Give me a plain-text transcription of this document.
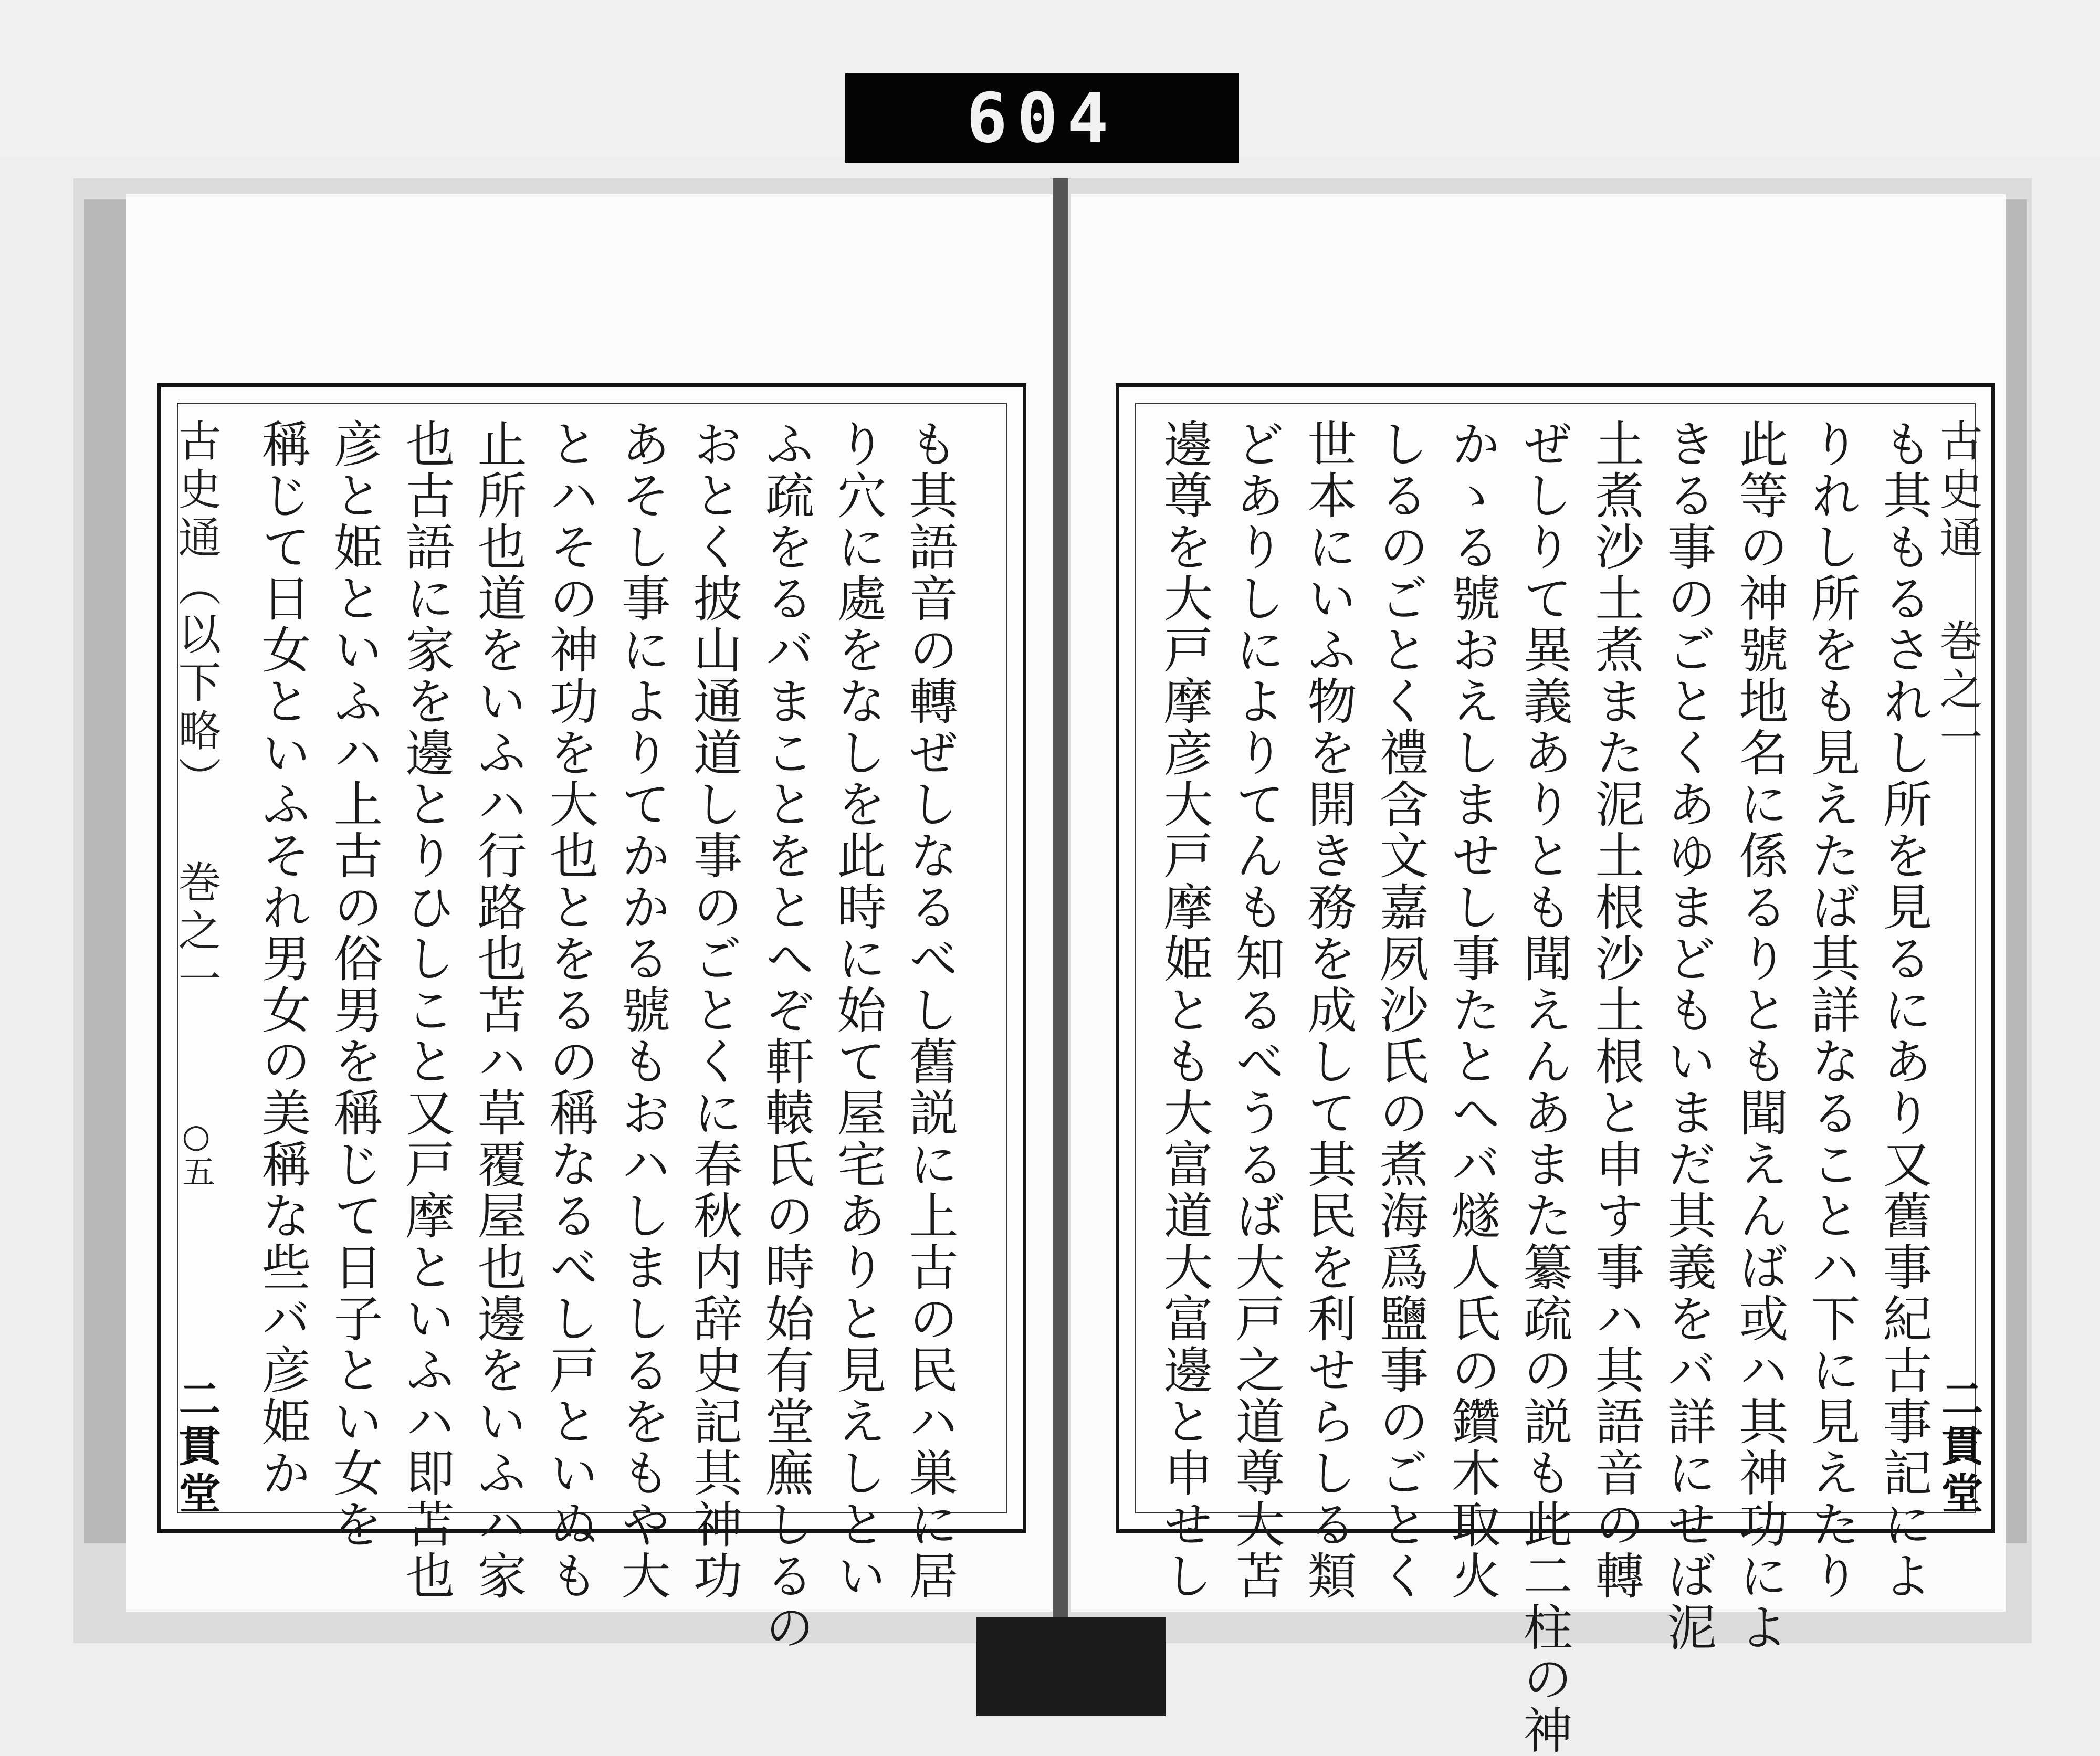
604
古史通（以下略） 巻之一
○五
二貫堂	も其語音の轉ぜしなるべし舊説に上古の民ハ巣に居

り穴に處をなしを此時に始て屋宅ありと見えしとい

ふ疏をるバまことをとへぞ軒轅氏の時始有堂廡しるの

おとく披山通道し事のごとくに春秋内辞史記其神功

あそし事によりてかかる號もおハしましるをもや大

とハその神功を大也とをるの稱なるべし戸といぬも

止所也道をいふハ行路也苫ハ草覆屋也邊をいふハ家

也古語に家を邊とりひしこと又戸摩といふハ即苫也

彦と姫といふハ上古の俗男を稱じて日子とい女を

稱じて日女といふそれ男女の美稱な些バ彦姫か	古史通 巻之一
二貫堂

も其もるされし所を見るにあり又舊事紀古事記によ

りれし所をも見えたば其詳なることハ下に見えたり

此等の神號地名に係るりとも聞えんば或ハ其神功によ

きる事のごとくあゆまどもいまだ其義をバ詳にせば泥

土煮沙土煮また泥土根沙土根と申す事ハ其語音の轉

ぜしりて異義ありとも聞えんあまた纂疏の説も此二柱の神

かゝる號おえしませし事たとへバ燧人氏の鑽木取火

しるのごとく禮含文嘉夙沙氏の煮海爲鹽事のごとく

世本にいふ物を開き務を成して其民を利せらしる類

どありしによりてんも知るべうるば大戸之道尊大苫

邊尊を大戸摩彦大戸摩姫とも大富道大富邊と申せし
